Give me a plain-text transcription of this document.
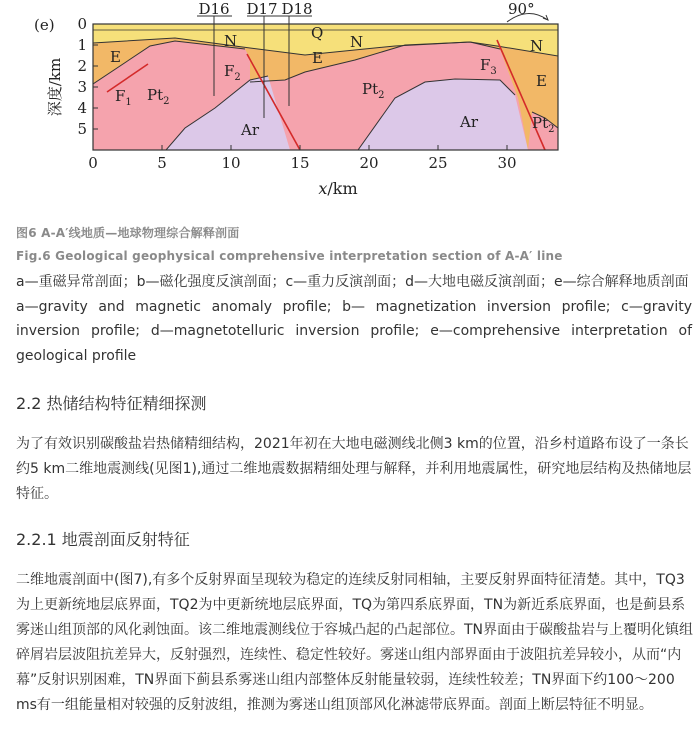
90°
0
1
2
3
4
5
0	5	10	15	20	25	30
(e)
深度/km
x/km
D16 D17 D18
Q
N	N	N
E	E
E
$Pt_2$
$Pt_2$
$Pt_2$
Ar	Ar
$F_1$
$F_2$
$F_3$
图6 A-A′线地质—地球物理综合解释剖面
Fig.6 Geological geophysical comprehensive interpretation section of A-A′ line

a—重磁异常剖面；b—磁化强度反演剖面；c—重力反演剖面；d—大地电磁反演剖面；e—综合解释地质剖面

a—gravity and magnetic anomaly profile; b— magnetization inversion profile; c—gravity inversion profile; d—magnetotelluric inversion profile; e—comprehensive interpretation of geological profile

2.2 热储结构特征精细探测

为了有效识别碳酸盐岩热储精细结构，2021年初在大地电磁测线北侧3 km的位置，沿乡村道路布设了一条长约5 km二维地震测线(见图1),通过二维地震数据精细处理与解释，并利用地震属性，研究地层结构及热储地层特征。

2.2.1 地震剖面反射特征

二维地震剖面中(图7),有多个反射界面呈现较为稳定的连续反射同相轴，主要反射界面特征清楚。其中，TQ3为上更新统地层底界面，TQ2为中更新统地层底界面，TQ为第四系底界面，TN为新近系底界面，也是蓟县系雾迷山组顶部的风化剥蚀面。该二维地震测线位于容城凸起的凸起部位。TN界面由于碳酸盐岩与上覆明化镇组碎屑岩层波阻抗差异大，反射强烈，连续性、稳定性较好。雾迷山组内部界面由于波阻抗差异较小，从而“内幕”反射识别困难，TN界面下蓟县系雾迷山组内部整体反射能量较弱，连续性较差；TN界面下约100～200 ms有一组能量相对较强的反射波组，推测为雾迷山组顶部风化淋滤带底界面。剖面上断层特征不明显。
